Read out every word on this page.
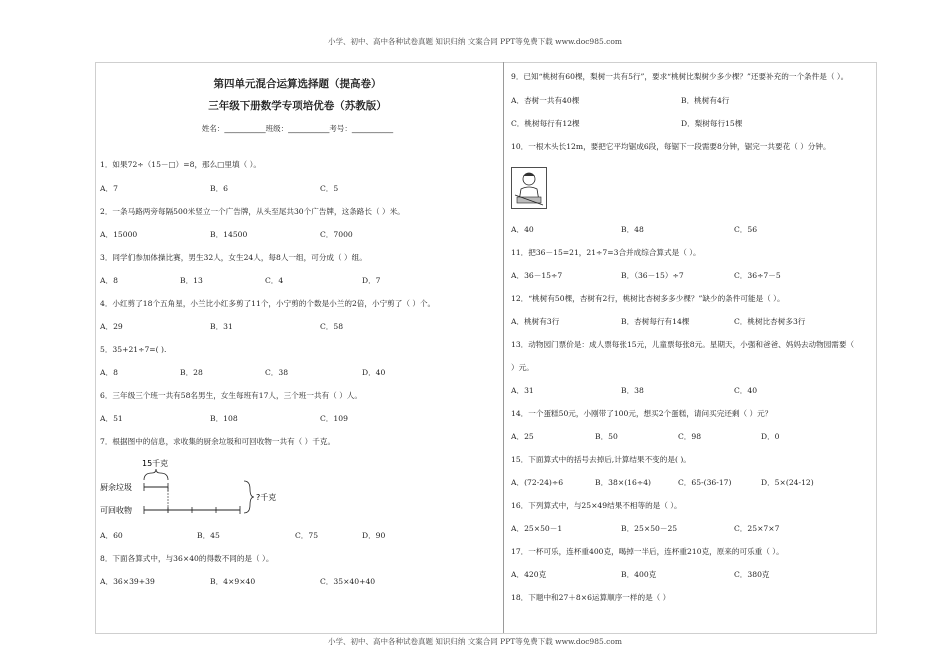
小学、初中、高中各种试卷真题 知识归纳 文案合同 PPT等免费下载 www.doc985.com
第四单元混合运算选择题（提高卷）
三年级下册数学专项培优卷（苏教版）
姓名：___________班级：___________考号：___________
1．如果72÷（15－□）=8，那么□里填（ ）。
A．7	B．6	C．5
2．一条马路两旁每隔500米竖立一个广告牌，从头至尾共30个广告牌，这条路长（ ）米。
A．15000	B．14500	C．7000
3．同学们参加体操比赛，男生32人，女生24人，每8人一组，可分成（ ）组。
A．8	B．13	C．4	D．7
4．小红剪了18个五角星，小兰比小红多剪了11个，小宁剪的个数是小兰的2倍，小宁剪了（ ）个。
A．29	B．31	C．58
5．35+21÷7=( ).
A．8	B．28	C．38	D．40
6．三年级三个班一共有58名男生，女生每班有17人，三个班一共有（ ）人。
A．51	B．108	C．109
7．根据图中的信息，求收集的厨余垃圾和可回收物一共有（ ）千克。
15千克
厨余垃圾
可回收物
?千克
A．60	B．45	C．75	D．90
8．下面各算式中，与36×40的得数不同的是（ ）。
A．36×39+39	B．4×9×40	C．35×40+40
9．已知“桃树有60棵，梨树一共有5行”，要求“桃树比梨树少多少棵？”还要补充的一个条件是（ ）。
A．杏树一共有40棵	B．桃树有4行
C．桃树每行有12棵	D．梨树每行15棵
10．一根木头长12m，要把它平均锯成6段，每锯下一段需要8分钟，锯完一共要花（ ）分钟。
A．40	B．48	C．56
11．把36－15=21，21÷7=3合并成综合算式是（ ）。
A．36－15÷7	B．（36－15）÷7	C．36÷7－5
12．“桃树有50棵，杏树有2行，桃树比杏树多多少棵？”缺少的条件可能是（ ）。
A．桃树有3行	B．杏树每行有14棵	C．桃树比杏树多3行
13．动物园门票价是：成人票每张15元，儿童票每张8元。星期天，小强和爸爸、妈妈去动物园需要（
）元。
A．31	B．38	C．40
14．一个蛋糕50元，小刚带了100元，想买2个蛋糕，请问买完还剩（ ）元？
A．25	B．50	C．98	D．0
15．下面算式中的括号去掉后,计算结果不变的是( )。
A．(72-24)÷6	B．38×(16÷4)	C．65-(36-17)	D．5×(24-12)
16．下列算式中，与25×49结果不相等的是（ ）。
A．25×50－1	B．25×50－25	C．25×7×7
17．一杯可乐，连杯重400克，喝掉一半后，连杯重210克，原来的可乐重（ ）。
A．420克	B．400克	C．380克
18．下题中和27＋8×6运算顺序一样的是（ ）
小学、初中、高中各种试卷真题 知识归纳 文案合同 PPT等免费下载 www.doc985.com
